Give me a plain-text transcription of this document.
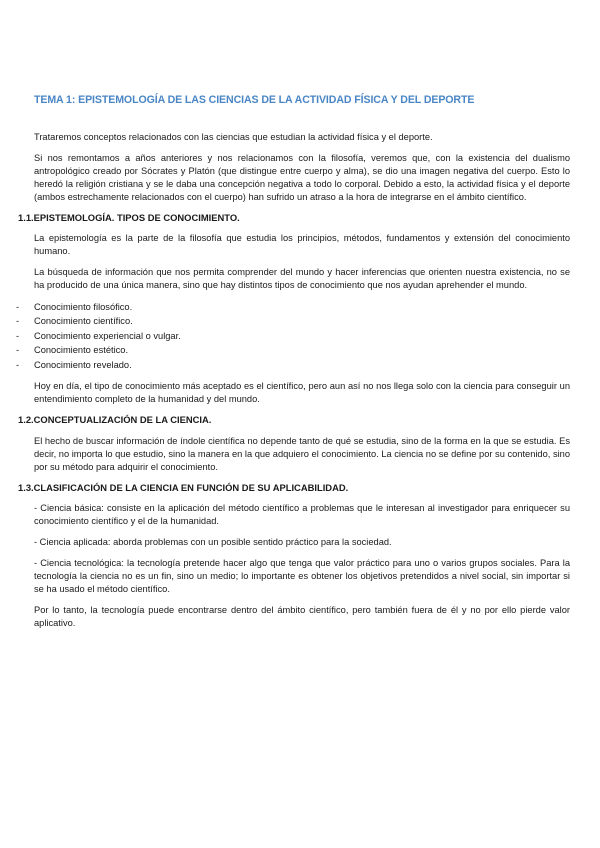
TEMA 1: EPISTEMOLOGÍA DE LAS CIENCIAS DE LA ACTIVIDAD FÍSICA Y DEL DEPORTE

Trataremos conceptos relacionados con las ciencias que estudian la actividad física y el deporte.

Si nos remontamos a años anteriores y nos relacionamos con la filosofía, veremos que, con la existencia del dualismo antropológico creado por Sócrates y Platón (que distingue entre cuerpo y alma), se dio una imagen negativa del cuerpo. Esto lo heredó la religión cristiana y se le daba una concepción negativa a todo lo corporal. Debido a esto, la actividad física y el deporte (ambos estrechamente relacionados con el cuerpo) han sufrido un atraso a la hora de integrarse en el ámbito científico.

1.1.EPISTEMOLOGÍA. TIPOS DE CONOCIMIENTO.

La epistemología es la parte de la filosofía que estudia los principios, métodos, fundamentos y extensión del conocimiento humano.

La búsqueda de información que nos permita comprender del mundo y hacer inferencias que orienten nuestra existencia, no se ha producido de una única manera, sino que hay distintos tipos de conocimiento que nos ayudan aprehender el mundo.

- Conocimiento filosófico.
- Conocimiento científico.
- Conocimiento experiencial o vulgar.
- Conocimiento estético.
- Conocimiento revelado.

Hoy en día, el tipo de conocimiento más aceptado es el científico, pero aun así no nos llega solo con la ciencia para conseguir un entendimiento completo de la humanidad y del mundo.

1.2.CONCEPTUALIZACIÓN DE LA CIENCIA.

El hecho de buscar información de índole científica no depende tanto de qué se estudia, sino de la forma en la que se estudia. Es decir, no importa lo que estudio, sino la manera en la que adquiero el conocimiento. La ciencia no se define por su contenido, sino por su método para adquirir el conocimiento.

1.3.CLASIFICACIÓN DE LA CIENCIA EN FUNCIÓN DE SU APLICABILIDAD.

- Ciencia básica: consiste en la aplicación del método científico a problemas que le interesan al investigador para enriquecer su conocimiento científico y el de la humanidad.

- Ciencia aplicada: aborda problemas con un posible sentido práctico para la sociedad.

- Ciencia tecnológica: la tecnología pretende hacer algo que tenga que valor práctico para uno o varios grupos sociales. Para la tecnología la ciencia no es un fin, sino un medio; lo importante es obtener los objetivos pretendidos a nivel social, sin importar si se ha usado el método científico.

Por lo tanto, la tecnología puede encontrarse dentro del ámbito científico, pero también fuera de él y no por ello pierde valor aplicativo.
